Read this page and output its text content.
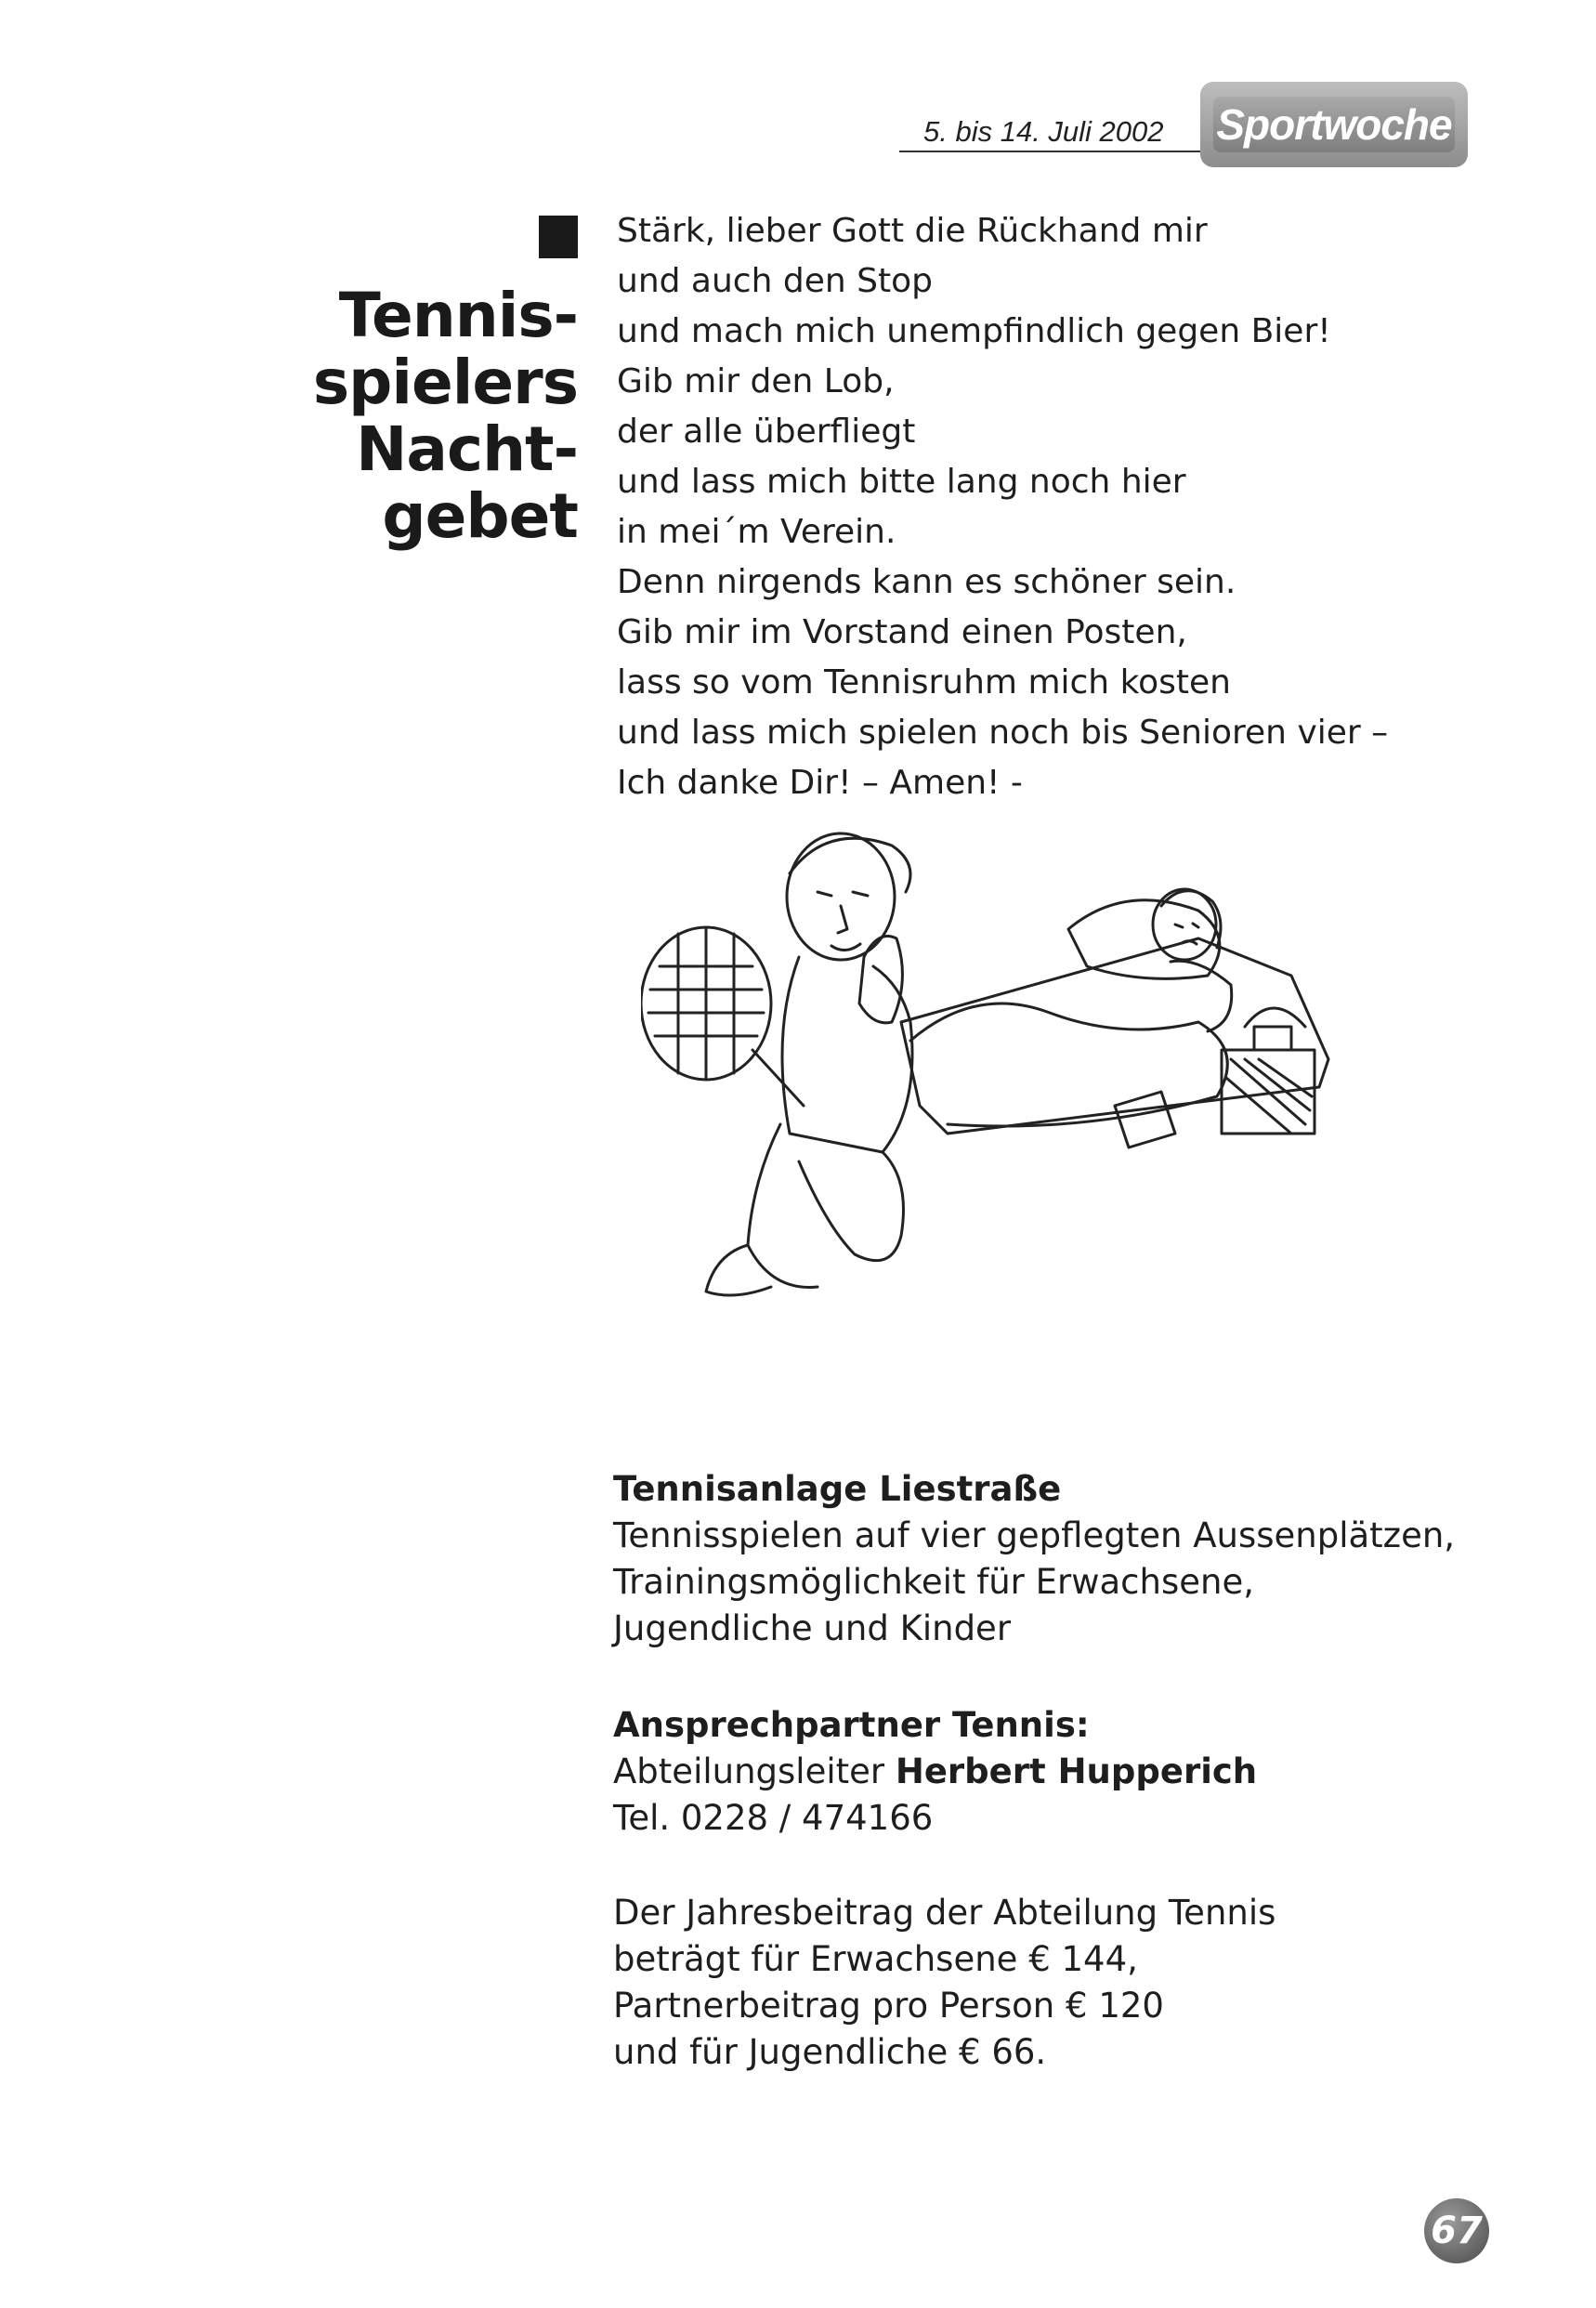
5. bis 14. Juli 2002	Sportwoche
Tennis-
spielers
Nacht-
gebet
Stärk, lieber Gott die Rückhand mir
und auch den Stop
und mach mich unempfindlich gegen Bier!
Gib mir den Lob,
der alle überfliegt
und lass mich bitte lang noch hier
in mei´m Verein.
Denn nirgends kann es schöner sein.
Gib mir im Vorstand einen Posten,
lass so vom Tennisruhm mich kosten
und lass mich spielen noch bis Senioren vier –
Ich danke Dir! – Amen! -
Tennisanlage Liestraße
Tennisspielen auf vier gepflegten Aussenplätzen,
Trainingsmöglichkeit für Erwachsene,
Jugendliche und Kinder
Ansprechpartner Tennis:
Abteilungsleiter Herbert Hupperich
Tel. 0228 / 474166
Der Jahresbeitrag der Abteilung Tennis
beträgt für Erwachsene € 144,
Partnerbeitrag pro Person € 120
und für Jugendliche € 66.
67
